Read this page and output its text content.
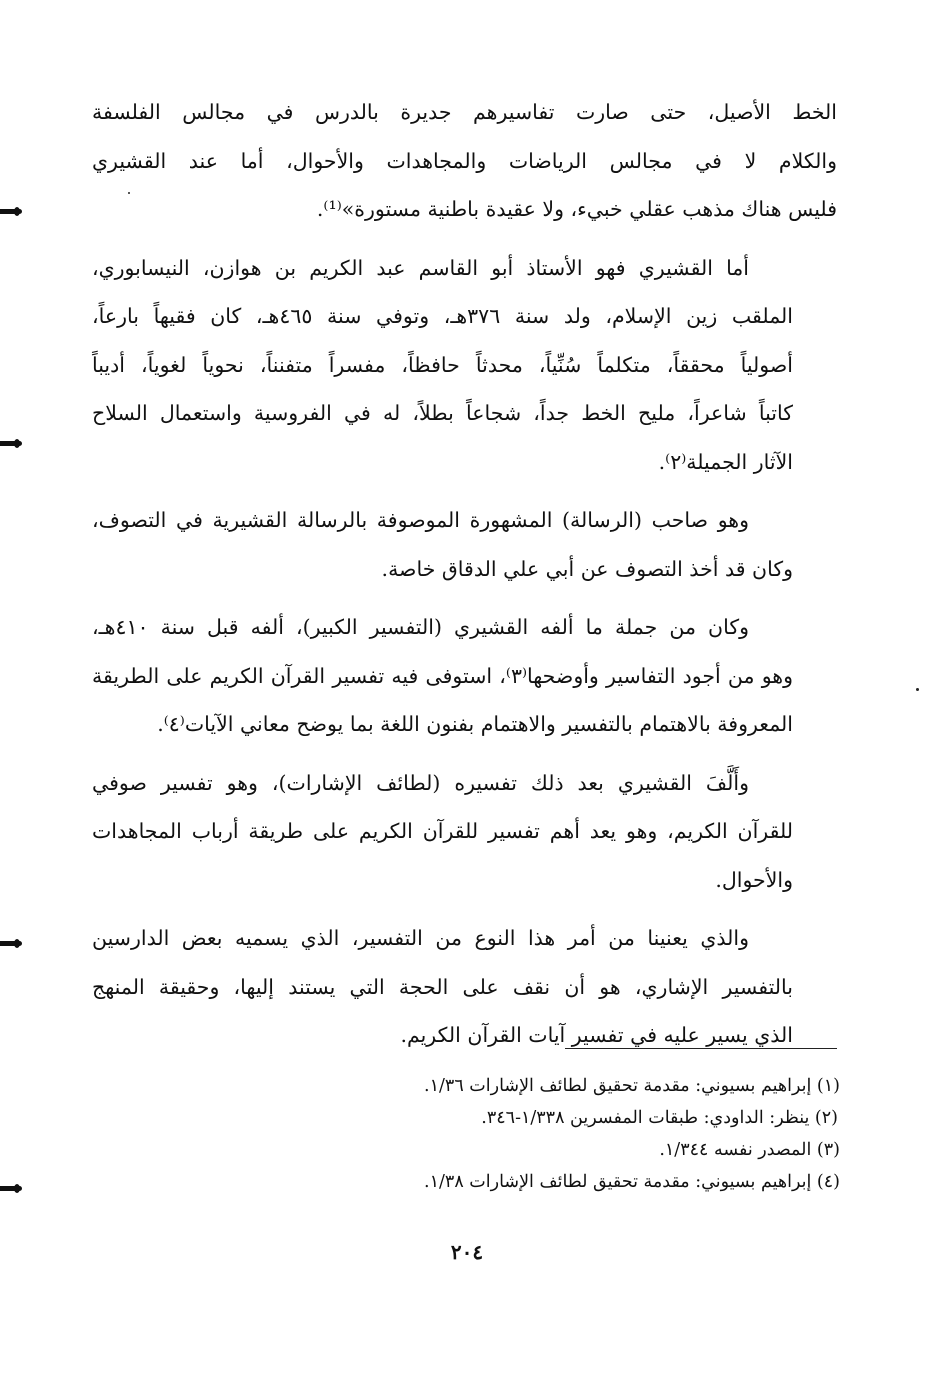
الخط الأصيل، حتى صارت تفاسيرهم جديرة بالدرس في مجالس الفلسفة
والكلام لا في مجالس الرياضات والمجاهدات والأحوال، أما عند القشيري
فليس هناك مذهب عقلي خبيء، ولا عقيدة باطنية مستورة»⁽¹⁾.
أما القشيري فهو الأستاذ أبو القاسم عبد الكريم بن هوازن، النيسابوري،
الملقب زين الإسلام، ولد سنة ٣٧٦هـ، وتوفي سنة ٤٦٥هـ، كان فقيهاً بارعاً،
أصولياً محققاً، متكلماً سُنِّياً، محدثاً حافظاً، مفسراً متفنناً، نحوياً لغوياً، أديباً
كاتباً شاعراً، مليح الخط جداً، شجاعاً بطلاً، له في الفروسية واستعمال السلاح
الآثار الجميلة⁽٢⁾.
وهو صاحب (الرسالة) المشهورة الموصوفة بالرسالة القشيرية في التصوف،
وكان قد أخذ التصوف عن أبي علي الدقاق خاصة.
وكان من جملة ما ألفه القشيري (التفسير الكبير)، ألفه قبل سنة ٤١٠هـ،
وهو من أجود التفاسير وأوضحها⁽٣⁾، استوفى فيه تفسير القرآن الكريم على الطريقة
المعروفة بالاهتمام بالتفسير والاهتمام بفنون اللغة بما يوضح معاني الآيات⁽٤⁾.
وأَلَّفَ القشيري بعد ذلك تفسيره (لطائف الإشارات)، وهو تفسير صوفي
للقرآن الكريم، وهو يعد أهم تفسير للقرآن الكريم على طريقة أرباب المجاهدات
والأحوال.
والذي يعنينا من أمر هذا النوع من التفسير، الذي يسميه بعض الدارسين
بالتفسير الإشاري، هو أن نقف على الحجة التي يستند إليها، وحقيقة المنهج
الذي يسير عليه في تفسير آيات القرآن الكريم.
(١) إبراهيم بسيوني: مقدمة تحقيق لطائف الإشارات ١/٣٦.
(٢) ينظر: الداودي: طبقات المفسرين ١/٣٣٨-٣٤٦.
(٣) المصدر نفسه ١/٣٤٤.
(٤) إبراهيم بسيوني: مقدمة تحقيق لطائف الإشارات ١/٣٨.
٢٠٤
